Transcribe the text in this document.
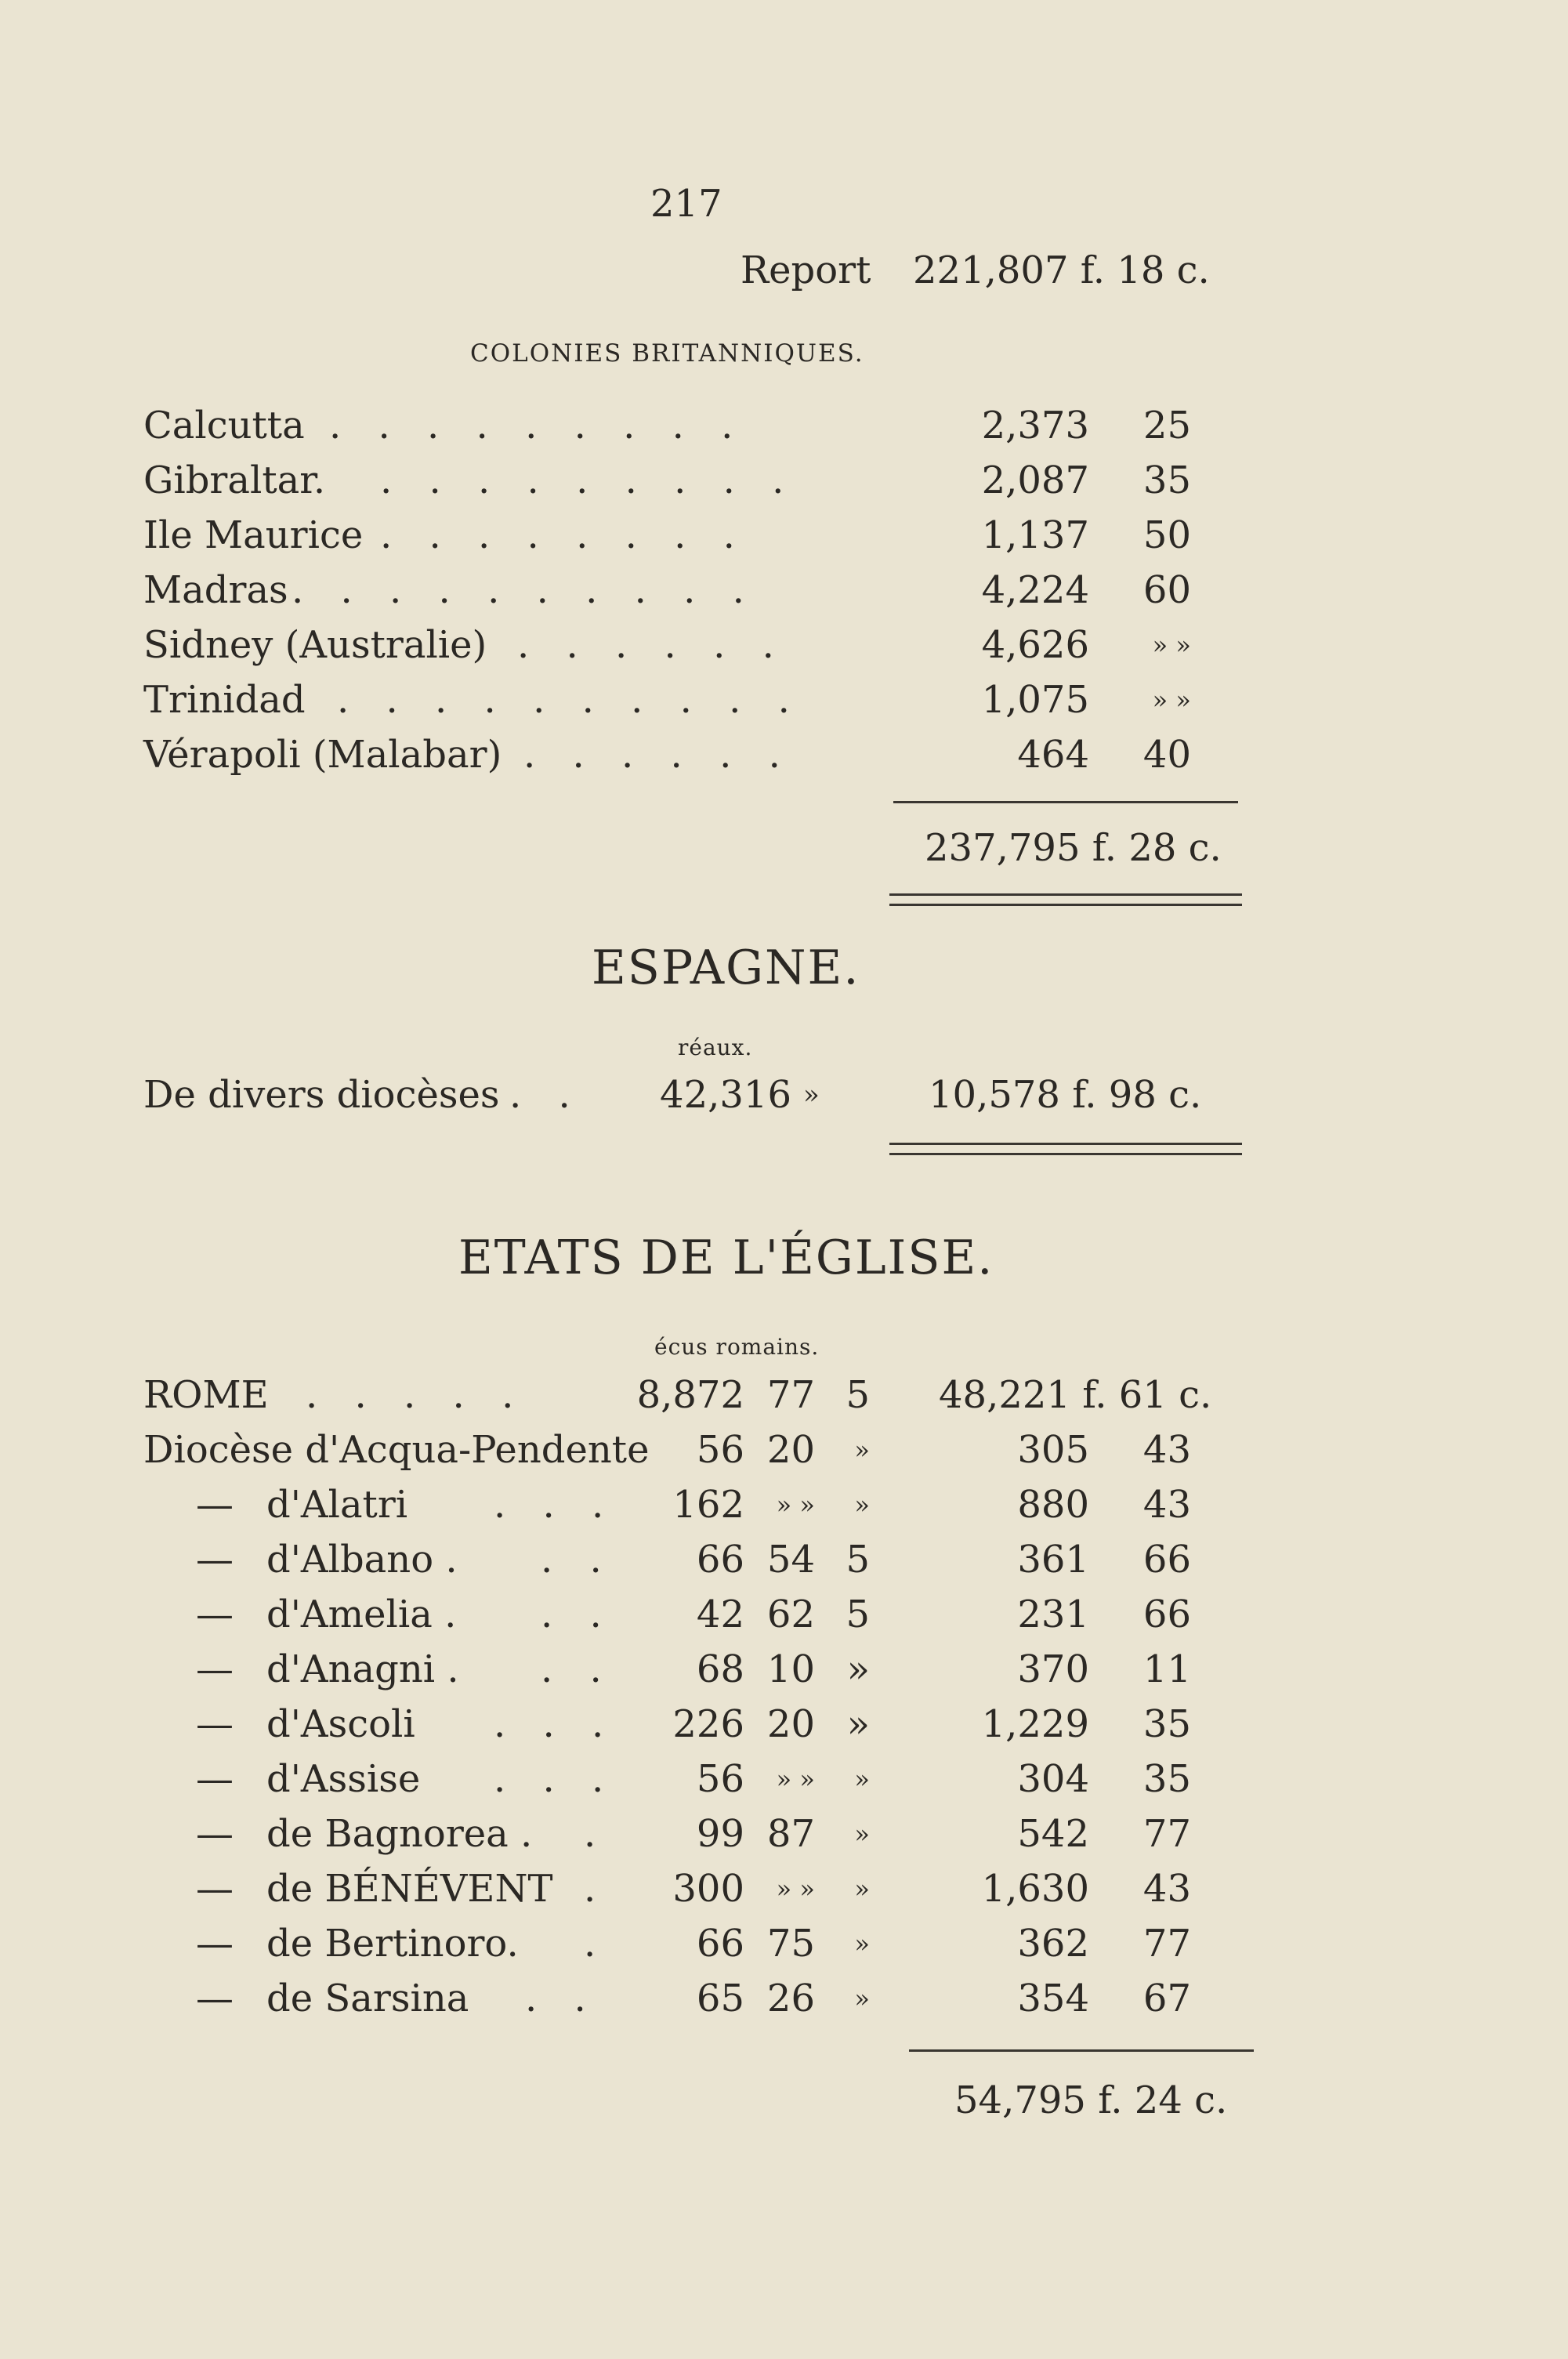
217
Report 221,807 f. 18 c.
COLONIES BRITANNIQUES.
Calcutta . . . . . . . . .	2,373	25
Gibraltar. . . . . . . . . .	2,087	35
Ile Maurice . . . . . . . .	1,137	50
Madras . . . . . . . . . .	4,224	60
Sidney (Australie) . . . . . .	4,626	» »
Trinidad . . . . . . . . . .	1,075	» »
Vérapoli (Malabar) . . . . . .	464	40
237,795 f. 28 c.
ESPAGNE.
réaux.
De divers diocèses . .	42,316 »	10,578 f. 98 c.
ETATS DE L'ÉGLISE.
écus romains.
ROME . . . . .	8,872 77 5 48,221 f. 61 c.
Diocèse d'Acqua-Pendente	56 20	»	305	43
— d'Alatri . . .	162	» »	»	880	43
— d'Albano . . .	66 54 5	361	66
— d'Amelia . . .	42 62 5	231	66
— d'Anagni . . .	68 10 »	370	11
— d'Ascoli . . .	226 20 »	1,229	35
— d'Assise . . .	56	» »	»	304	35
— de Bagnorea . .	99 87	»	542	77
— de BÉNÉVENT .	300	» »	»	1,630	43
— de Bertinoro. .	66 75	»	362	77
— de Sarsina . .	65 26	»	354	67
54,795 f. 24 c.
